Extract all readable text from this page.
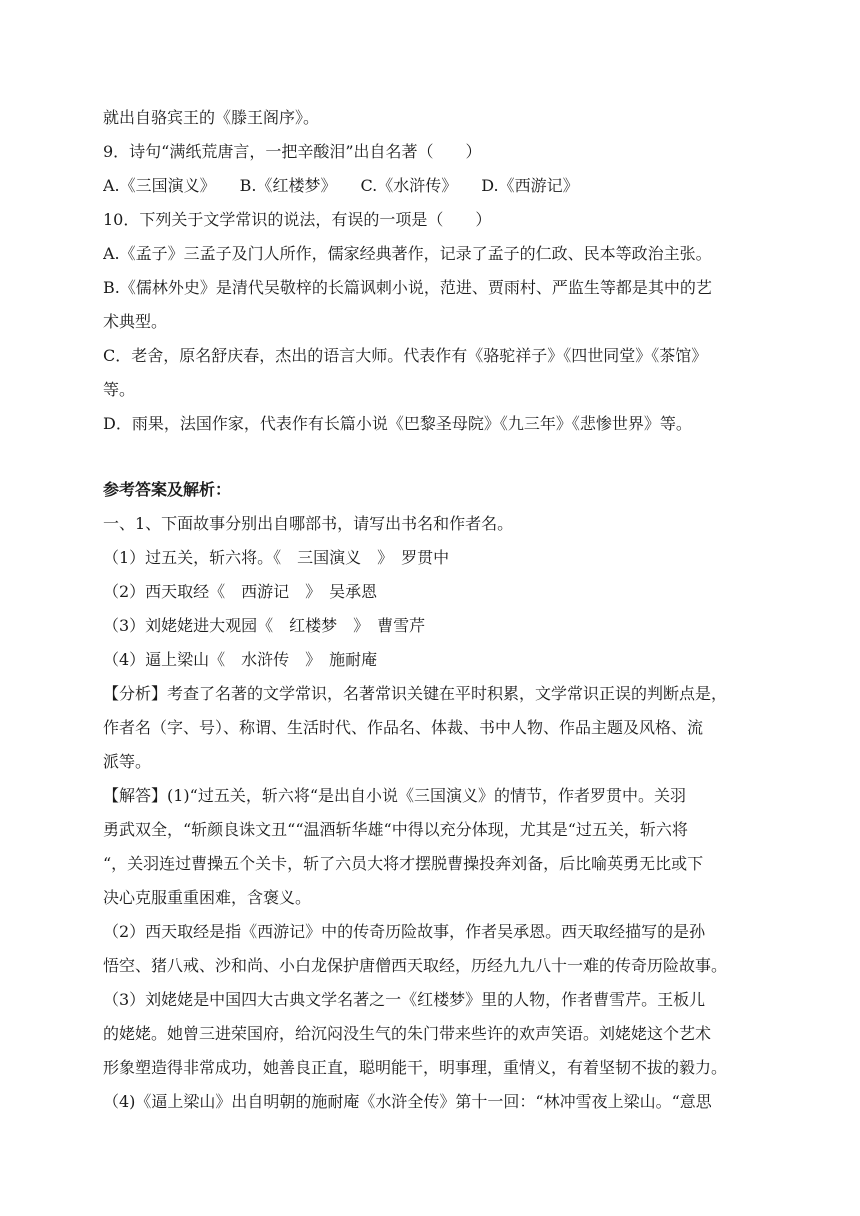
就出自骆宾王的《滕王阁序》。
9．诗句“满纸荒唐言，一把辛酸泪”出自名著（　　）
A.《三国演义》　　B.《红楼梦》　　C.《水浒传》　　D.《西游记》
10．下列关于文学常识的说法，有误的一项是（　　）
A.《孟子》三孟子及门人所作，儒家经典著作，记录了孟子的仁政、民本等政治主张。
B.《儒林外史》是清代吴敬梓的长篇讽刺小说，范进、贾雨村、严监生等都是其中的艺
术典型。
C．老舍，原名舒庆春，杰出的语言大师。代表作有《骆驼祥子》《四世同堂》《茶馆》
等。
D．雨果，法国作家，代表作有长篇小说《巴黎圣母院》《九三年》《悲惨世界》等。
参考答案及解析：
一、1、下面故事分别出自哪部书，请写出书名和作者名。
（1）过五关，斩六将。《　三国演义　》　罗贯中
（2）西天取经《　西游记　》　吴承恩
（3）刘姥姥进大观园《　红楼梦　》　曹雪芹
（4）逼上梁山《　水浒传　》　施耐庵
【分析】考查了名著的文学常识，名著常识关键在平时积累，文学常识正误的判断点是，
作者名（字、号）、称谓、生活时代、作品名、体裁、书中人物、作品主题及风格、流
派等。
【解答】(1)“过五关，斩六将“是出自小说《三国演义》的情节，作者罗贯中。关羽
勇武双全，“斩颜良诛文丑““温酒斩华雄“中得以充分体现，尤其是“过五关，斩六将
“，关羽连过曹操五个关卡，斩了六员大将才摆脱曹操投奔刘备，后比喻英勇无比或下
决心克服重重困难，含褒义。
（2）西天取经是指《西游记》中的传奇历险故事，作者吴承恩。西天取经描写的是孙
悟空、猪八戒、沙和尚、小白龙保护唐僧西天取经，历经九九八十一难的传奇历险故事。
（3）刘姥姥是中国四大古典文学名著之一《红楼梦》里的人物，作者曹雪芹。王板儿
的姥姥。她曾三进荣国府，给沉闷没生气的朱门带来些许的欢声笑语。刘姥姥这个艺术
形象塑造得非常成功，她善良正直，聪明能干，明事理，重情义，有着坚韧不拔的毅力。
（4)《逼上梁山》出自明朝的施耐庵《水浒全传》第十一回：“林冲雪夜上梁山。“意思
